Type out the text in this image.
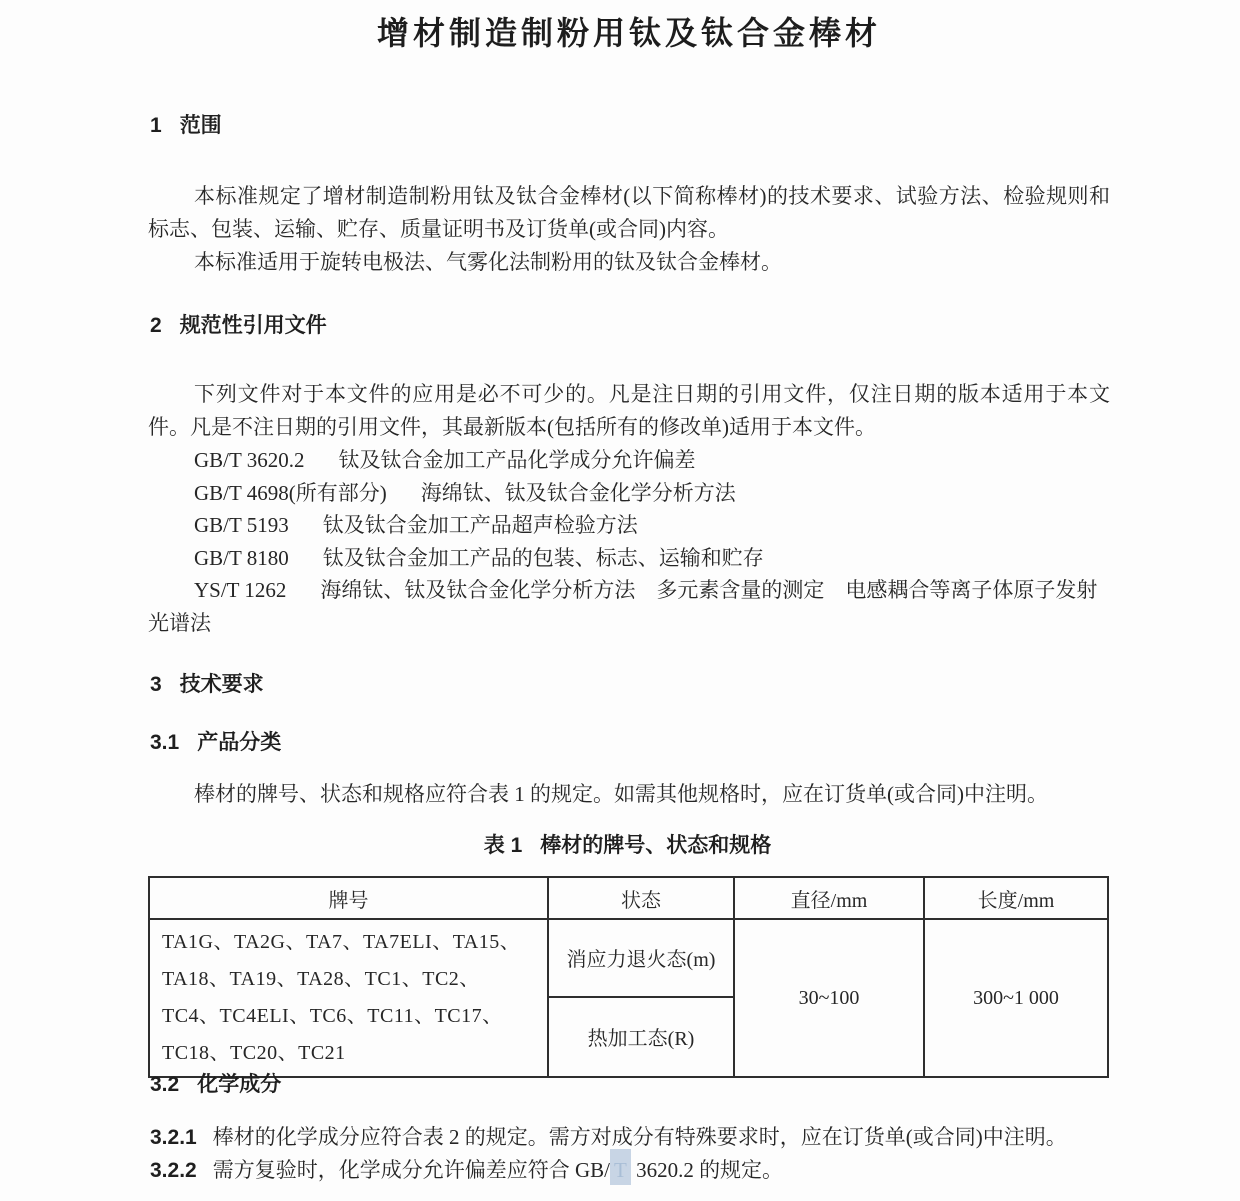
增材制造制粉用钛及钛合金棒材
1 范围
本标准规定了增材制造制粉用钛及钛合金棒材(以下简称棒材)的技术要求、试验方法、检验规则和标志、包装、运输、贮存、质量证明书及订货单(或合同)内容。
本标准适用于旋转电极法、气雾化法制粉用的钛及钛合金棒材。
2 规范性引用文件
下列文件对于本文件的应用是必不可少的。凡是注日期的引用文件，仅注日期的版本适用于本文件。凡是不注日期的引用文件，其最新版本(包括所有的修改单)适用于本文件。
GB/T 3620.2 钛及钛合金加工产品化学成分允许偏差
GB/T 4698(所有部分) 海绵钛、钛及钛合金化学分析方法
GB/T 5193 钛及钛合金加工产品超声检验方法
GB/T 8180 钛及钛合金加工产品的包装、标志、运输和贮存
YS/T 1262 海绵钛、钛及钛合金化学分析方法　多元素含量的测定　电感耦合等离子体原子发射光谱法
3 技术要求
3.1 产品分类
棒材的牌号、状态和规格应符合表 1 的规定。如需其他规格时，应在订货单(或合同)中注明。
表 1 棒材的牌号、状态和规格
牌号	状态	直径/mm	长度/mm
TA1G、TA2G、TA7、TA7ELI、TA15、TA18、TA19、TA28、TC1、TC2、TC4、TC4ELI、TC6、TC11、TC17、TC18、TC20、TC21	消应力退火态(m)	30~100	300~1 000
	热加工态(R)		
3.2 化学成分
3.2.1 棒材的化学成分应符合表 2 的规定。需方对成分有特殊要求时，应在订货单(或合同)中注明。
3.2.2 需方复验时，化学成分允许偏差应符合 GB/ T 3620.2 的规定。
